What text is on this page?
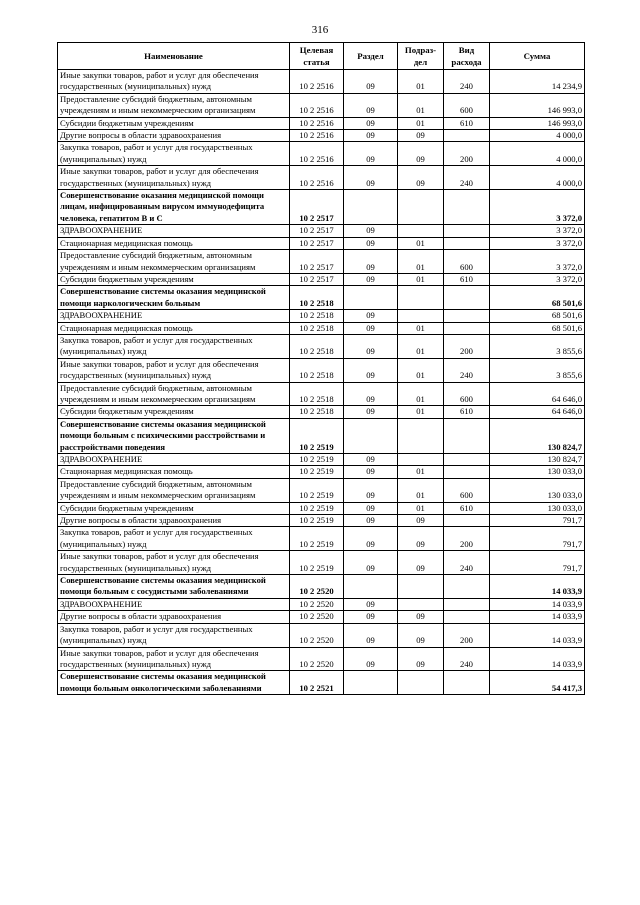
316
Наименование	Целевая статья	Раздел	Подраз- дел	Вид расхода	Сумма
Иные закупки товаров, работ и услуг для обеспечения государственных (муниципальных) нужд	10 2 2516	09	01	240	14 234,9
Предоставление субсидий бюджетным, автономным учреждениям и иным некоммерческим организациям	10 2 2516	09	01	600	146 993,0
Субсидии бюджетным учреждениям	10 2 2516	09	01	610	146 993,0
Другие вопросы в области здравоохранения	10 2 2516	09	09		4 000,0
Закупка товаров, работ и услуг для государственных (муниципальных) нужд	10 2 2516	09	09	200	4 000,0
Иные закупки товаров, работ и услуг для обеспечения государственных (муниципальных) нужд	10 2 2516	09	09	240	4 000,0
Совершенствование оказания медицинской помощи лицам, инфицированным вирусом иммунодефицита человека, гепатитом В и С	10 2 2517				3 372,0
ЗДРАВООХРАНЕНИЕ	10 2 2517	09			3 372,0
Стационарная медицинская помощь	10 2 2517	09	01		3 372,0
Предоставление субсидий бюджетным, автономным учреждениям и иным некоммерческим организациям	10 2 2517	09	01	600	3 372,0
Субсидии бюджетным учреждениям	10 2 2517	09	01	610	3 372,0
Совершенствование системы оказания медицинской помощи наркологическим больным	10 2 2518				68 501,6
ЗДРАВООХРАНЕНИЕ	10 2 2518	09			68 501,6
Стационарная медицинская помощь	10 2 2518	09	01		68 501,6
Закупка товаров, работ и услуг для государственных (муниципальных) нужд	10 2 2518	09	01	200	3 855,6
Иные закупки товаров, работ и услуг для обеспечения государственных (муниципальных) нужд	10 2 2518	09	01	240	3 855,6
Предоставление субсидий бюджетным, автономным учреждениям и иным некоммерческим организациям	10 2 2518	09	01	600	64 646,0
Субсидии бюджетным учреждениям	10 2 2518	09	01	610	64 646,0
Совершенствование системы оказания медицинской помощи больным с психическими расстройствами и расстройствами поведения	10 2 2519				130 824,7
ЗДРАВООХРАНЕНИЕ	10 2 2519	09			130 824,7
Стационарная медицинская помощь	10 2 2519	09	01		130 033,0
Предоставление субсидий бюджетным, автономным учреждениям и иным некоммерческим организациям	10 2 2519	09	01	600	130 033,0
Субсидии бюджетным учреждениям	10 2 2519	09	01	610	130 033,0
Другие вопросы в области здравоохранения	10 2 2519	09	09		791,7
Закупка товаров, работ и услуг для государственных (муниципальных) нужд	10 2 2519	09	09	200	791,7
Иные закупки товаров, работ и услуг для обеспечения государственных (муниципальных) нужд	10 2 2519	09	09	240	791,7
Совершенствование системы оказания медицинской помощи больным с сосудистыми заболеваниями	10 2 2520				14 033,9
ЗДРАВООХРАНЕНИЕ	10 2 2520	09			14 033,9
Другие вопросы в области здравоохранения	10 2 2520	09	09		14 033,9
Закупка товаров, работ и услуг для государственных (муниципальных) нужд	10 2 2520	09	09	200	14 033,9
Иные закупки товаров, работ и услуг для обеспечения государственных (муниципальных) нужд	10 2 2520	09	09	240	14 033,9
Совершенствование системы оказания медицинской помощи больным онкологическими заболеваниями	10 2 2521				54 417,3
